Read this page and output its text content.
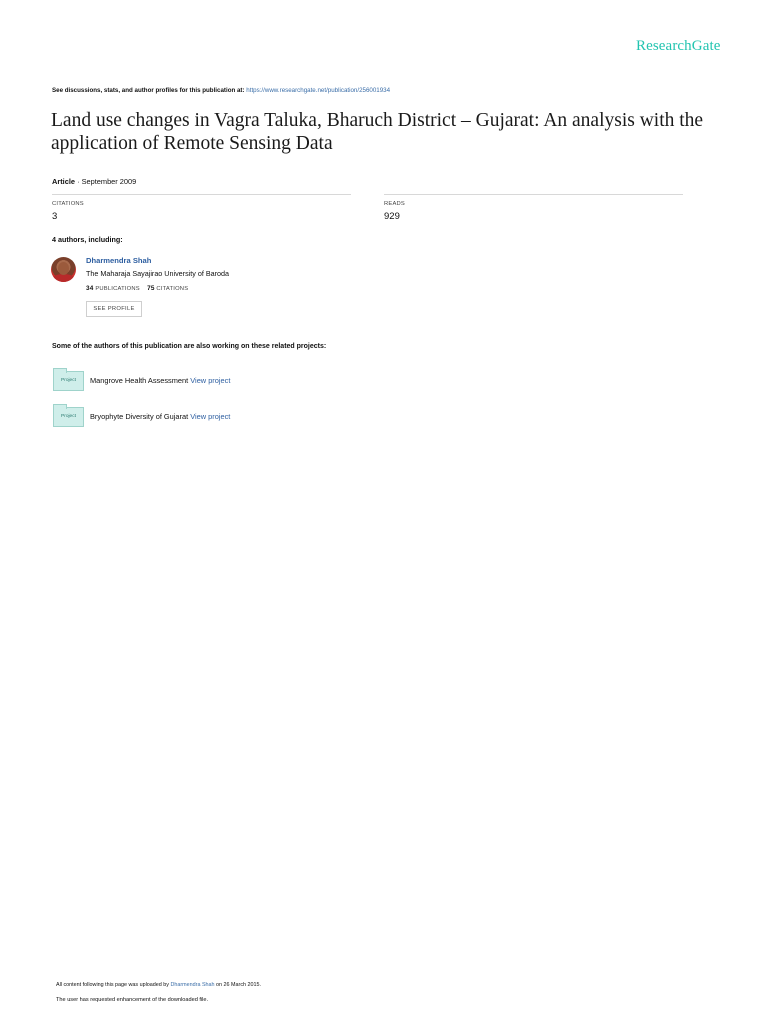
ResearchGate
See discussions, stats, and author profiles for this publication at: https://www.researchgate.net/publication/256001934
Land use changes in Vagra Taluka, Bharuch District – Gujarat: An analysis with the application of Remote Sensing Data
Article · September 2009
CITATIONS
3
READS
929
4 authors, including:
Dharmendra Shah
The Maharaja Sayajirao University of Baroda
34 PUBLICATIONS 75 CITATIONS
SEE PROFILE
Some of the authors of this publication are also working on these related projects:
Project	Mangrove Health Assessment View project
Project	Bryophyte Diversity of Gujarat View project
All content following this page was uploaded by Dharmendra Shah on 26 March 2015.
The user has requested enhancement of the downloaded file.
